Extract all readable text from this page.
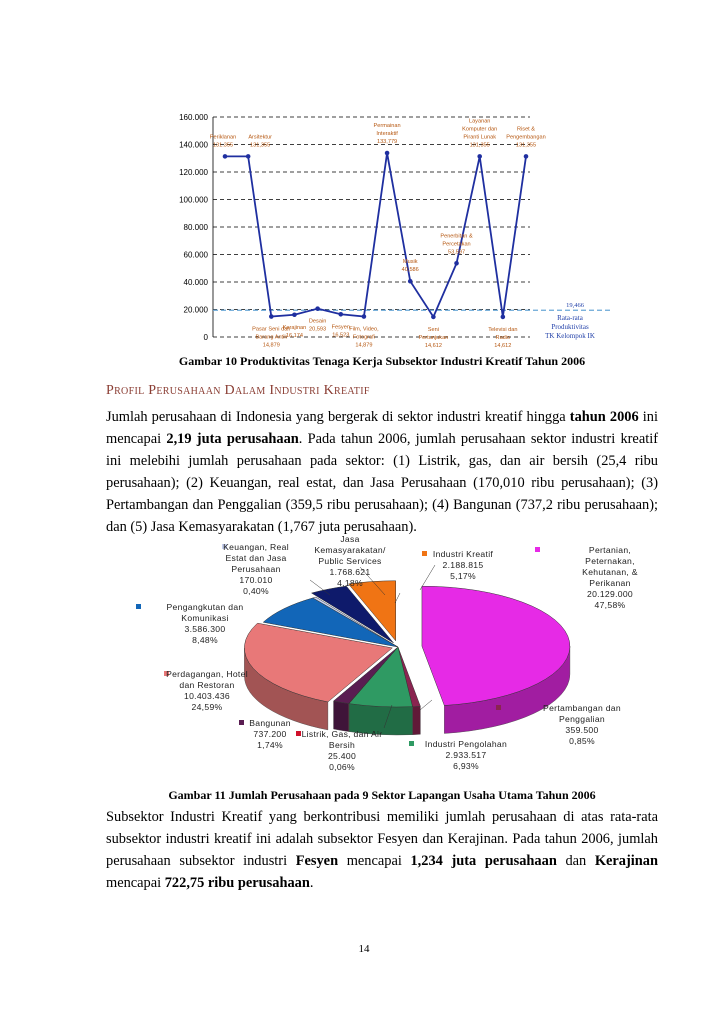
0
20.000
40.000
60.000
80.000
100.000
120.000
140.000
160.000
19,466
Rata-rata
Produktivitas
TK Kelompok IK
Periklanan 131.355
Arsitektur 131,355
Pasar Seni dan Barang Antik 14,879
Kerajinan 16,174
Desain 20,593 Fesyen 16,523
Film, Video, Fotografi 14,879
Permainan Interaktif 133,779
Musik 40,586
Seni Pertunjukan 14,612
Penerbitan & Percetakan 53,597
Layanan Komputer dan Piranti Lunak 131,355
Televisi dan Radio 14,612
Riset & Pengembangan 131,355
Gambar 10 Produktivitas Tenaga Kerja Subsektor Industri Kreatif Tahun 2006
Profil Perusahaan Dalam Industri Kreatif
Jumlah perusahaan di Indonesia yang bergerak di sektor industri kreatif hingga tahun 2006 ini mencapai 2,19 juta perusahaan. Pada tahun 2006, jumlah perusahaan sektor industri kreatif ini melebihi jumlah perusahaan pada sektor: (1) Listrik, gas, dan air bersih (25,4 ribu perusahaan); (2) Keuangan, real estat, dan Jasa Perusahaan (170,010 ribu perusahaan); (3) Pertambangan dan Penggalian (359,5 ribu perusahaan); (4) Bangunan (737,2 ribu perusahaan); dan (5) Jasa Kemasyarakatan (1,767 juta perusahaan).
Pertanian, Peternakan, Kehutanan, & Perikanan 20.129.000 47,58%
Pertambangan dan Penggalian 359.500 0,85%
Industri Pengolahan 2.933.517 6,93%
Listrik, Gas, dan Air Bersih 25.400 0,06%
Bangunan 737.200 1,74%
Perdagangan, Hotel dan Restoran 10.403.436 24,59%
Pengangkutan dan Komunikasi 3.586.300 8,48%
Keuangan, Real Estat dan Jasa Perusahaan 170.010 0,40%
Jasa Kemasyarakatan/ Public Services 1.768.621 4,18%
Industri Kreatif 2.188.815 5,17%
Gambar 11 Jumlah Perusahaan pada 9 Sektor Lapangan Usaha Utama Tahun 2006
Subsektor Industri Kreatif yang berkontribusi memiliki jumlah perusahaan di atas rata-rata subsektor industri kreatif ini adalah subsektor Fesyen dan Kerajinan. Pada tahun 2006, jumlah perusahaan subsektor industri Fesyen mencapai 1,234 juta perusahaan dan Kerajinan mencapai 722,75 ribu perusahaan.
14
